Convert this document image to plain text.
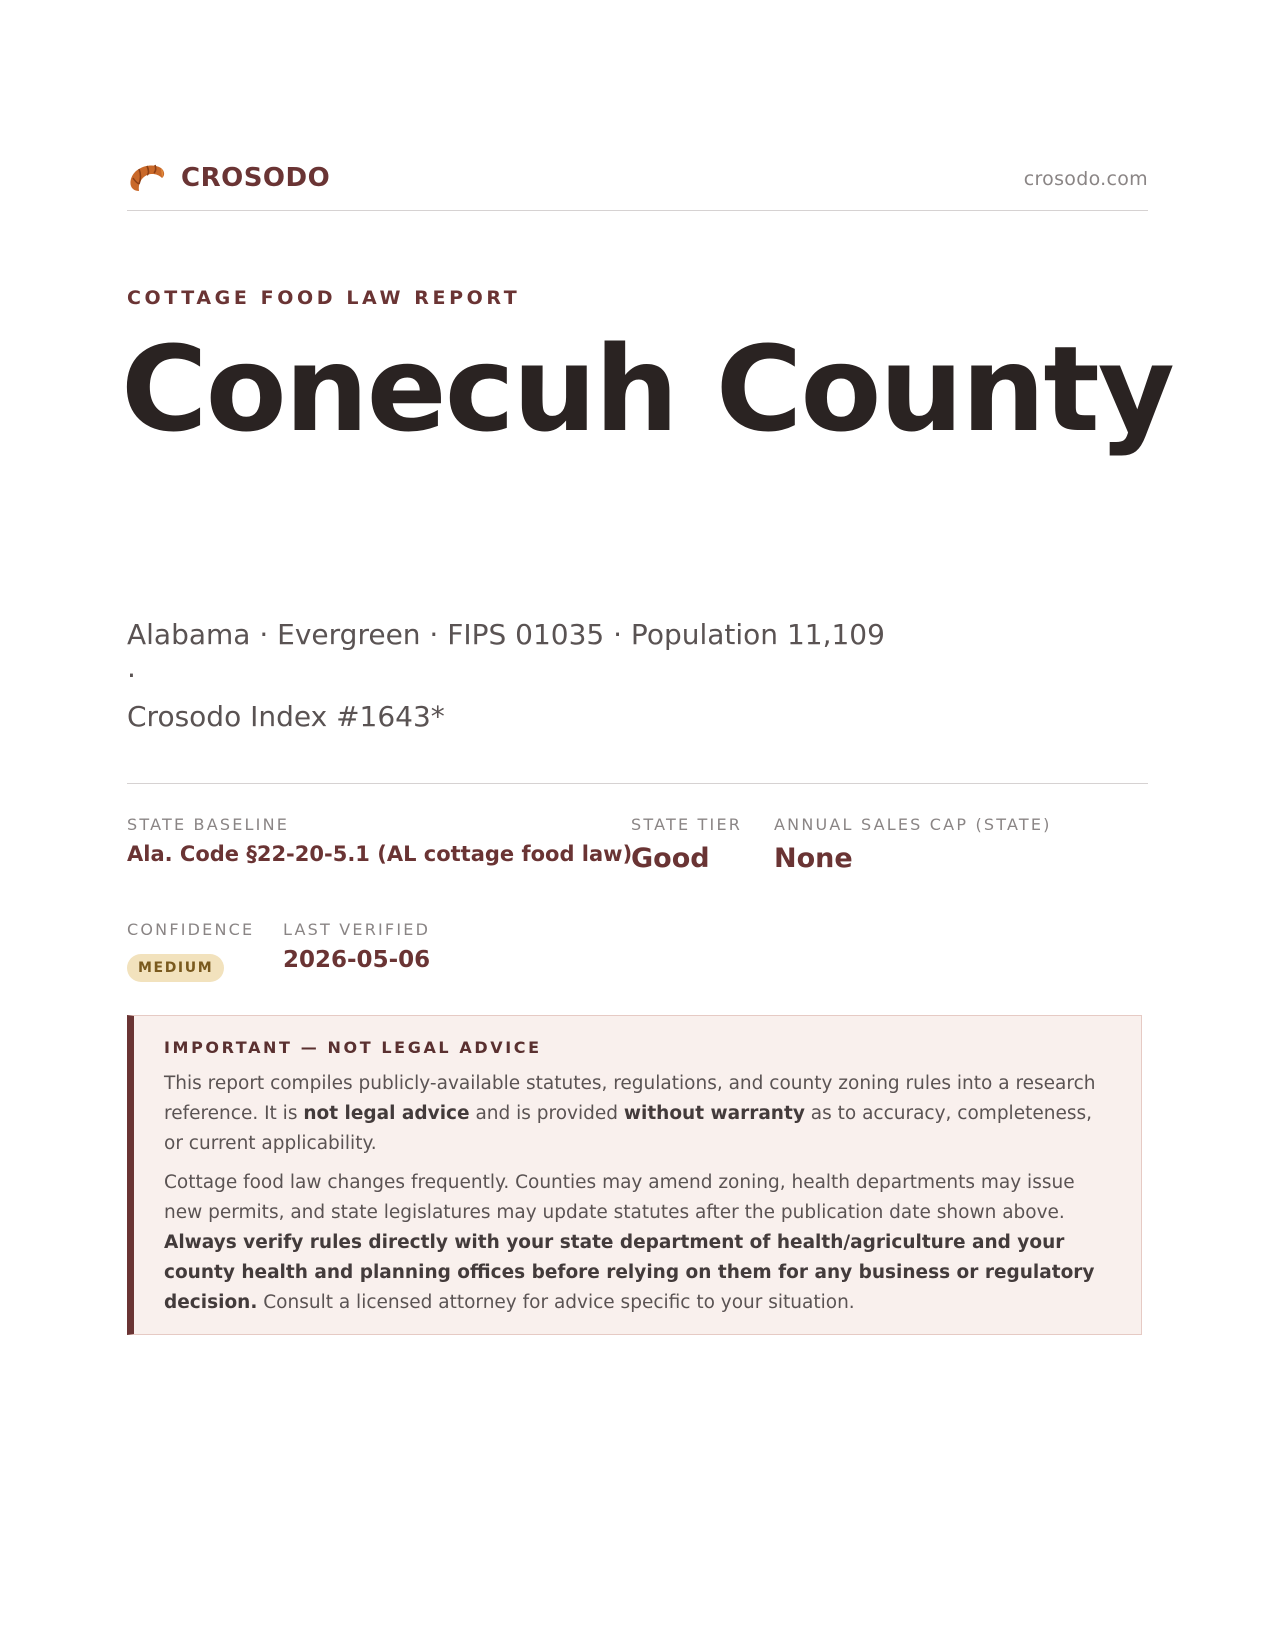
CROSODO	crosodo.com
COTTAGE FOOD LAW REPORT
Conecuh County
Alabama · Evergreen · FIPS 01035 · Population 11,109 ·
Crosodo Index #1643*
STATE BASELINE
Ala. Code §22-20-5.1 (AL cottage food law)
STATE TIER
Good
ANNUAL SALES CAP (STATE)
None
CONFIDENCE
MEDIUM
LAST VERIFIED
2026-05-06
IMPORTANT — NOT LEGAL ADVICE

This report compiles publicly-available statutes, regulations, and county zoning rules into a research reference. It is not legal advice and is provided without warranty as to accuracy, completeness, or current applicability.

Cottage food law changes frequently. Counties may amend zoning, health departments may issue new permits, and state legislatures may update statutes after the publication date shown above. Always verify rules directly with your state department of health/agriculture and your county health and planning offices before relying on them for any business or regulatory decision. Consult a licensed attorney for advice specific to your situation.
